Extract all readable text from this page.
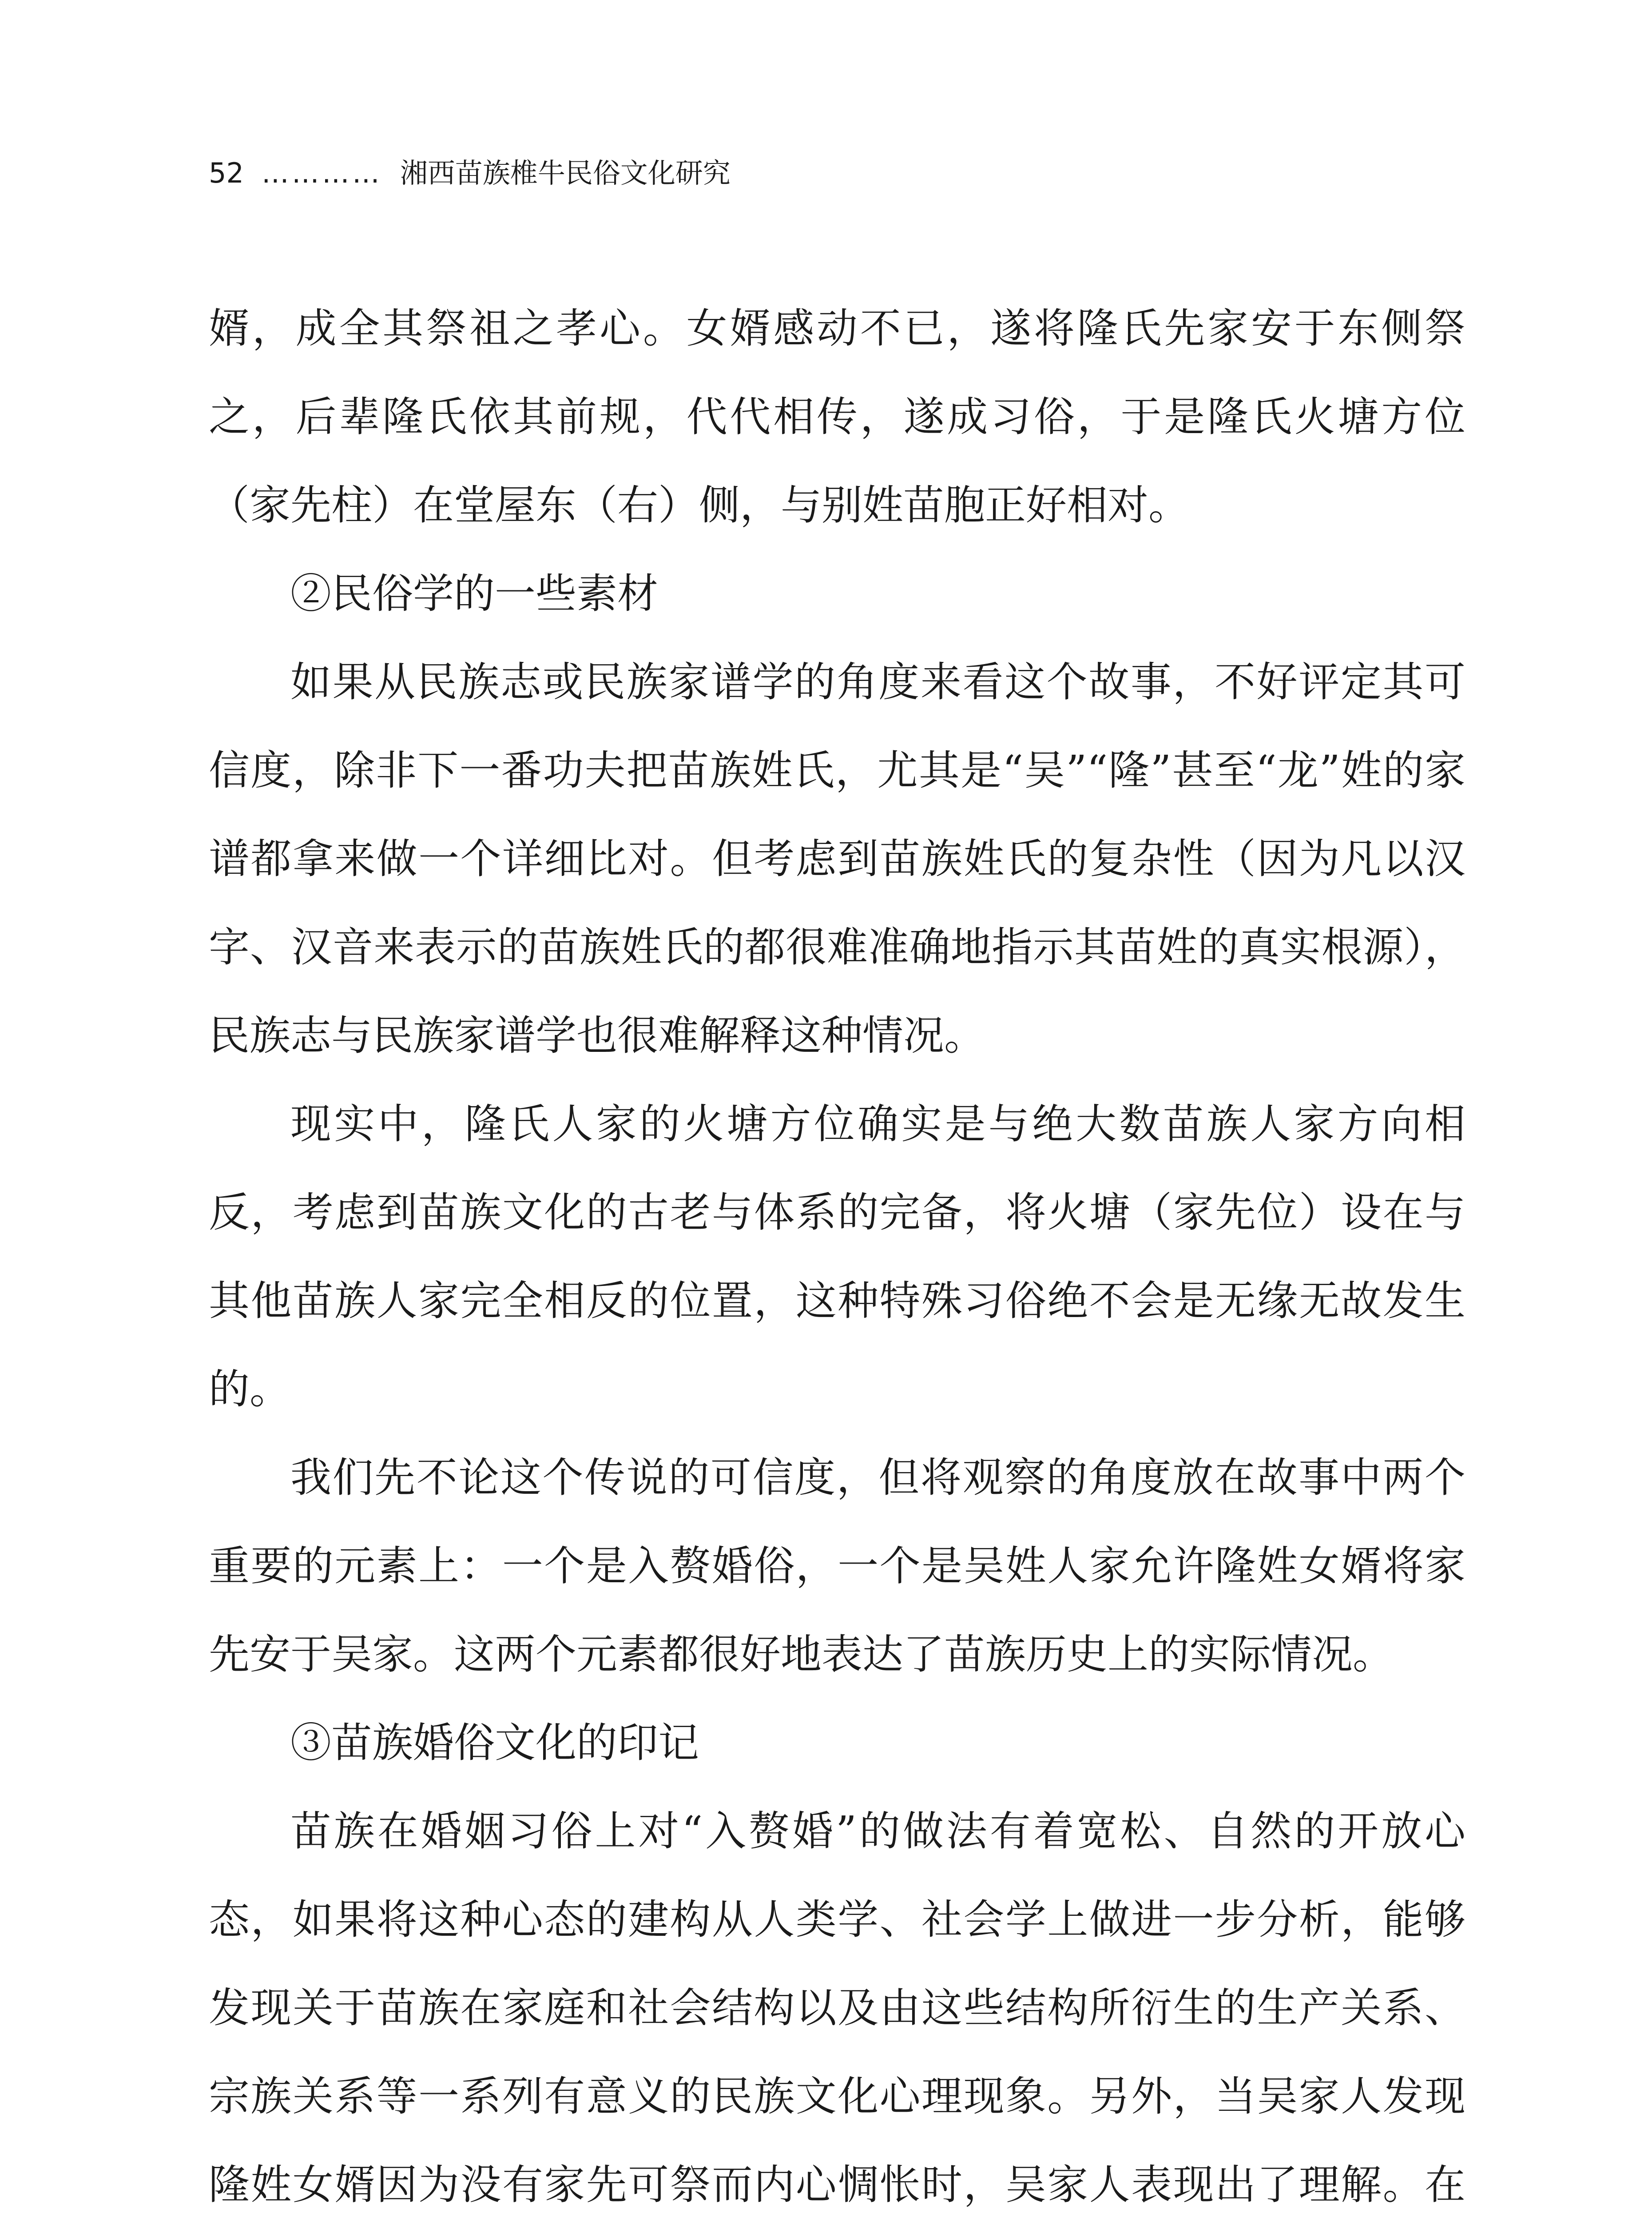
52 ………… 湘西苗族椎牛民俗文化研究

婿，成全其祭祖之孝心。女婿感动不已，遂将隆氏先家安于东侧祭之，后辈隆氏依其前规，代代相传，遂成习俗，于是隆氏火塘方位（家先柱）在堂屋东（右）侧，与别姓苗胞正好相对。

②民俗学的一些素材

如果从民族志或民族家谱学的角度来看这个故事，不好评定其可信度，除非下一番功夫把苗族姓氏，尤其是“吴”“隆”甚至“龙”姓的家谱都拿来做一个详细比对。但考虑到苗族姓氏的复杂性（因为凡以汉字、汉音来表示的苗族姓氏的都很难准确地指示其苗姓的真实根源），民族志与民族家谱学也很难解释这种情况。

现实中，隆氏人家的火塘方位确实是与绝大数苗族人家方向相反，考虑到苗族文化的古老与体系的完备，将火塘（家先位）设在与其他苗族人家完全相反的位置，这种特殊习俗绝不会是无缘无故发生的。

我们先不论这个传说的可信度，但将观察的角度放在故事中两个重要的元素上：一个是入赘婚俗，一个是吴姓人家允许隆姓女婿将家先安于吴家。这两个元素都很好地表达了苗族历史上的实际情况。

③苗族婚俗文化的印记

苗族在婚姻习俗上对“入赘婚”的做法有着宽松、自然的开放心态，如果将这种心态的建构从人类学、社会学上做进一步分析，能够发现关于苗族在家庭和社会结构以及由这些结构所衍生的生产关系、宗族关系等一系列有意义的民族文化心理现象。另外，当吴家人发现隆姓女婿因为没有家先可祭而内心惆怅时，吴家人表现出了理解。在
